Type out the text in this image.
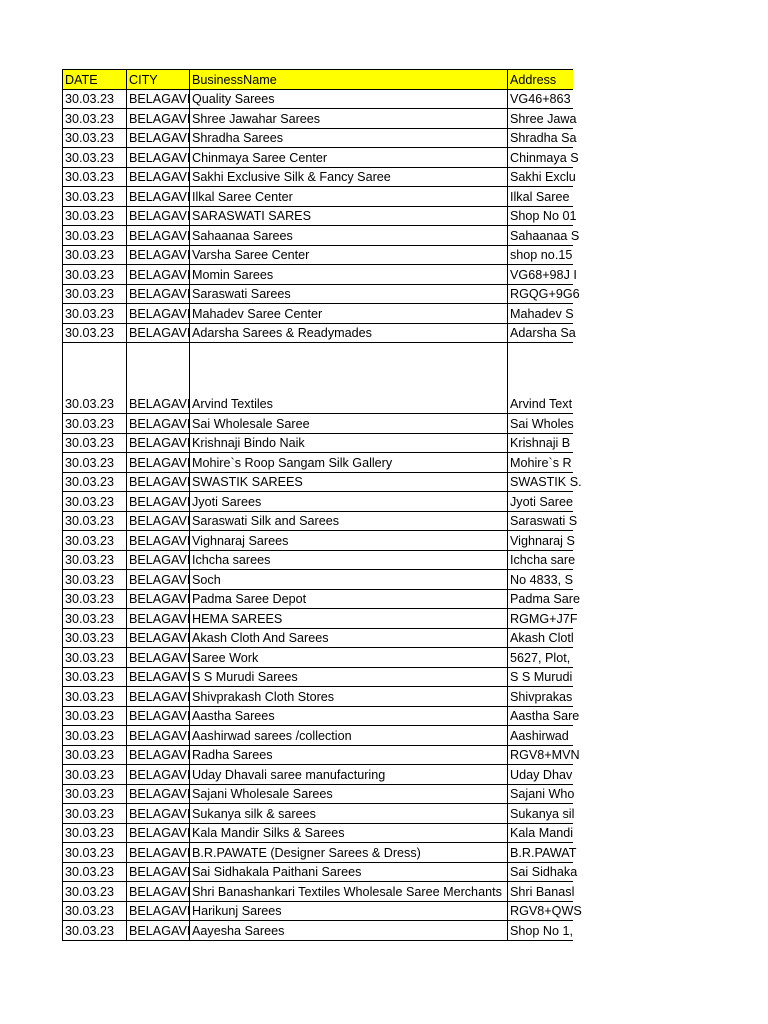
DATE	CITY	BusinessName	Address
30.03.23	BELAGAVI	Quality Sarees	VG46+863
30.03.23	BELAGAVI	Shree Jawahar Sarees	Shree Jawa
30.03.23	BELAGAVI	Shradha Sarees	Shradha Sa
30.03.23	BELAGAVI	Chinmaya Saree Center	Chinmaya S
30.03.23	BELAGAVI	Sakhi Exclusive Silk & Fancy Saree	Sakhi Exclu
30.03.23	BELAGAVI	Ilkal Saree Center	Ilkal Saree
30.03.23	BELAGAVI	SARASWATI SARES	Shop No 01
30.03.23	BELAGAVI	Sahaanaa Sarees	Sahaanaa S
30.03.23	BELAGAVI	Varsha Saree Center	shop no.15
30.03.23	BELAGAVI	Momin Sarees	VG68+98J I
30.03.23	BELAGAVI	Saraswati Sarees	RGQG+9G6
30.03.23	BELAGAVI	Mahadev Saree Center	Mahadev S
30.03.23	BELAGAVI	Adarsha Sarees & Readymades	Adarsha Sa
30.03.23	BELAGAVI	Arvind Textiles	Arvind Text
30.03.23	BELAGAVI	Sai Wholesale Saree	Sai Wholes
30.03.23	BELAGAVI	Krishnaji Bindo Naik	Krishnaji B
30.03.23	BELAGAVI	Mohire`s Roop Sangam Silk Gallery	Mohire`s R
30.03.23	BELAGAVI	SWASTIK SAREES	SWASTIK S.
30.03.23	BELAGAVI	Jyoti Sarees	Jyoti Saree
30.03.23	BELAGAVI	Saraswati Silk and Sarees	Saraswati S
30.03.23	BELAGAVI	Vighnaraj Sarees	Vighnaraj S
30.03.23	BELAGAVI	Ichcha sarees	Ichcha sare
30.03.23	BELAGAVI	Soch	No 4833, S
30.03.23	BELAGAVI	Padma Saree Depot	Padma Sare
30.03.23	BELAGAVI	HEMA SAREES	RGMG+J7F
30.03.23	BELAGAVI	Akash Cloth And Sarees	Akash Clotl
30.03.23	BELAGAVI	Saree Work	5627, Plot,
30.03.23	BELAGAVI	S S Murudi Sarees	S S Murudi
30.03.23	BELAGAVI	Shivprakash Cloth Stores	Shivprakas
30.03.23	BELAGAVI	Aastha Sarees	Aastha Sare
30.03.23	BELAGAVI	Aashirwad sarees /collection	Aashirwad
30.03.23	BELAGAVI	Radha Sarees	RGV8+MVN
30.03.23	BELAGAVI	Uday Dhavali saree manufacturing	Uday Dhav
30.03.23	BELAGAVI	Sajani Wholesale Sarees	Sajani Who
30.03.23	BELAGAVI	Sukanya silk & sarees	Sukanya sil
30.03.23	BELAGAVI	Kala Mandir Silks & Sarees	Kala Mandi
30.03.23	BELAGAVI	B.R.PAWATE (Designer Sarees & Dress)	B.R.PAWAT
30.03.23	BELAGAVI	Sai Sidhakala Paithani Sarees	Sai Sidhaka
30.03.23	BELAGAVI	Shri Banashankari Textiles Wholesale Saree Merchants	Shri Banasl
30.03.23	BELAGAVI	Harikunj Sarees	RGV8+QWS
30.03.23	BELAGAVI	Aayesha Sarees	Shop No 1,
